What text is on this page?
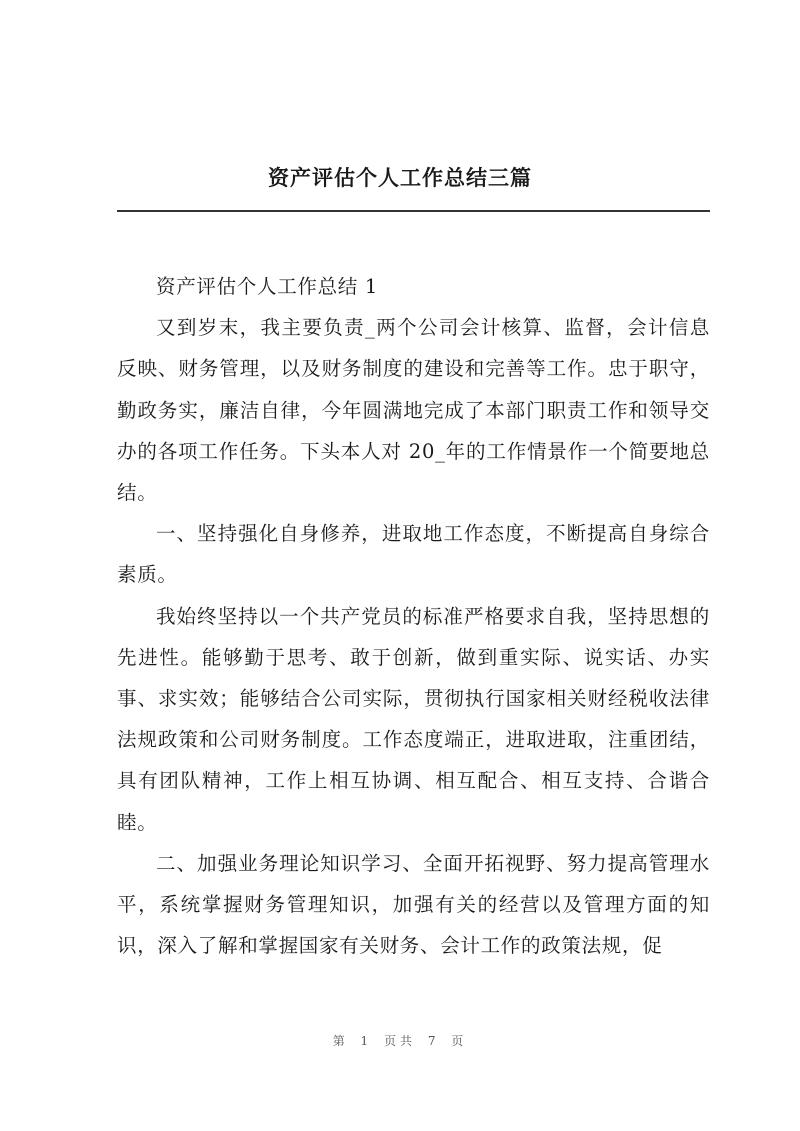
资产评估个人工作总结三篇

资产评估个人工作总结 1

又到岁末，我主要负责_两个公司会计核算、监督，会计信息反映、财务管理，以及财务制度的建设和完善等工作。忠于职守，勤政务实，廉洁自律，今年圆满地完成了本部门职责工作和领导交办的各项工作任务。下头本人对 20_年的工作情景作一个简要地总结。

一、坚持强化自身修养，进取地工作态度，不断提高自身综合素质。

我始终坚持以一个共产党员的标准严格要求自我，坚持思想的先进性。能够勤于思考、敢于创新，做到重实际、说实话、办实事、求实效；能够结合公司实际，贯彻执行国家相关财经税收法律法规政策和公司财务制度。工作态度端正，进取进取，注重团结，具有团队精神，工作上相互协调、相互配合、相互支持、合谐合睦。

二、加强业务理论知识学习、全面开拓视野、努力提高管理水平，系统掌握财务管理知识，加强有关的经营以及管理方面的知识，深入了解和掌握国家有关财务、会计工作的政策法规，促

第 1 页共 7 页
